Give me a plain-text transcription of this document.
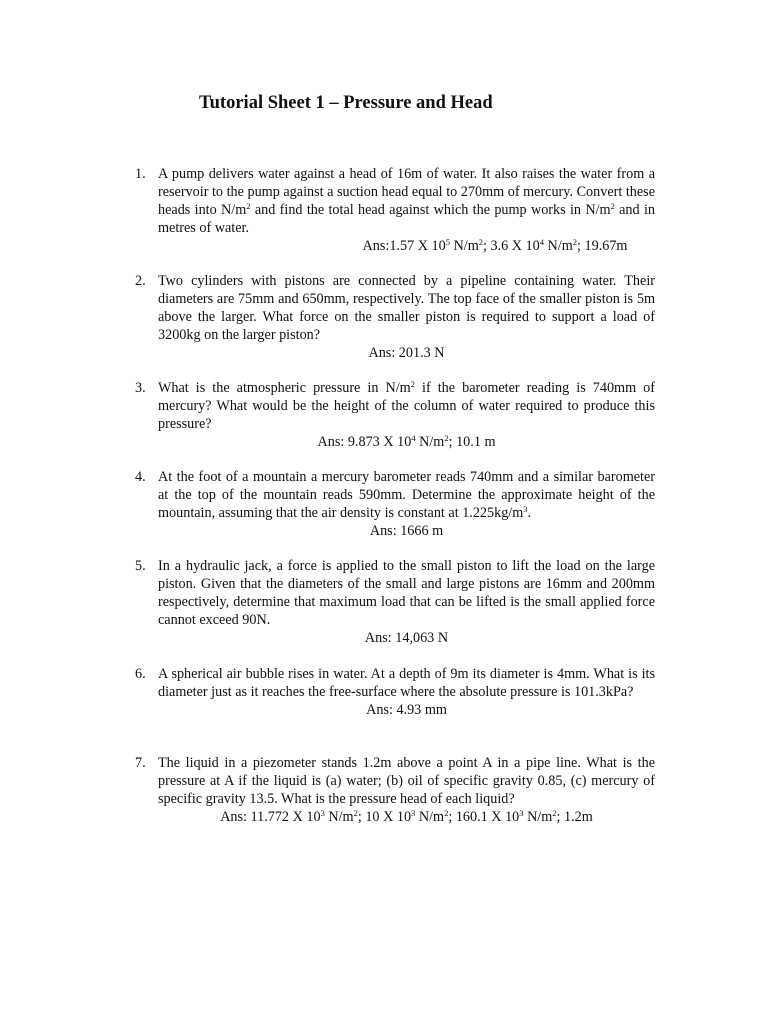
Tutorial Sheet 1 – Pressure and Head
1. A pump delivers water against a head of 16m of water. It also raises the water from a reservoir to the pump against a suction head equal to 270mm of mercury. Convert these heads into $N/m^2$ and find the total head against which the pump works in $N/m^2$ and in metres of water.
Ans:1.57 X $10^5$ $N/m^2$; 3.6 X $10^4$ $N/m^2$; 19.67m
2. Two cylinders with pistons are connected by a pipeline containing water. Their diameters are 75mm and 650mm, respectively. The top face of the smaller piston is 5m above the larger. What force on the smaller piston is required to support a load of 3200kg on the larger piston?
Ans: 201.3 N
3. What is the atmospheric pressure in $N/m^2$ if the barometer reading is 740mm of mercury? What would be the height of the column of water required to produce this pressure?
Ans: 9.873 X $10^4$ $N/m^2$; 10.1 m
4. At the foot of a mountain a mercury barometer reads 740mm and a similar barometer at the top of the mountain reads 590mm. Determine the approximate height of the mountain, assuming that the air density is constant at $1.225kg/m^3$.
Ans: 1666 m
5. In a hydraulic jack, a force is applied to the small piston to lift the load on the large piston. Given that the diameters of the small and large pistons are 16mm and 200mm respectively, determine that maximum load that can be lifted is the small applied force cannot exceed 90N.
Ans: 14,063 N
6. A spherical air bubble rises in water. At a depth of 9m its diameter is 4mm. What is its diameter just as it reaches the free-surface where the absolute pressure is 101.3kPa?
Ans: 4.93 mm
7. The liquid in a piezometer stands 1.2m above a point A in a pipe line. What is the pressure at A if the liquid is (a) water; (b) oil of specific gravity 0.85, (c) mercury of specific gravity 13.5. What is the pressure head of each liquid?
Ans: 11.772 X $10^3$ $N/m^2$; 10 X $10^3$ $N/m^2$; 160.1 X $10^3$ $N/m^2$; 1.2m
